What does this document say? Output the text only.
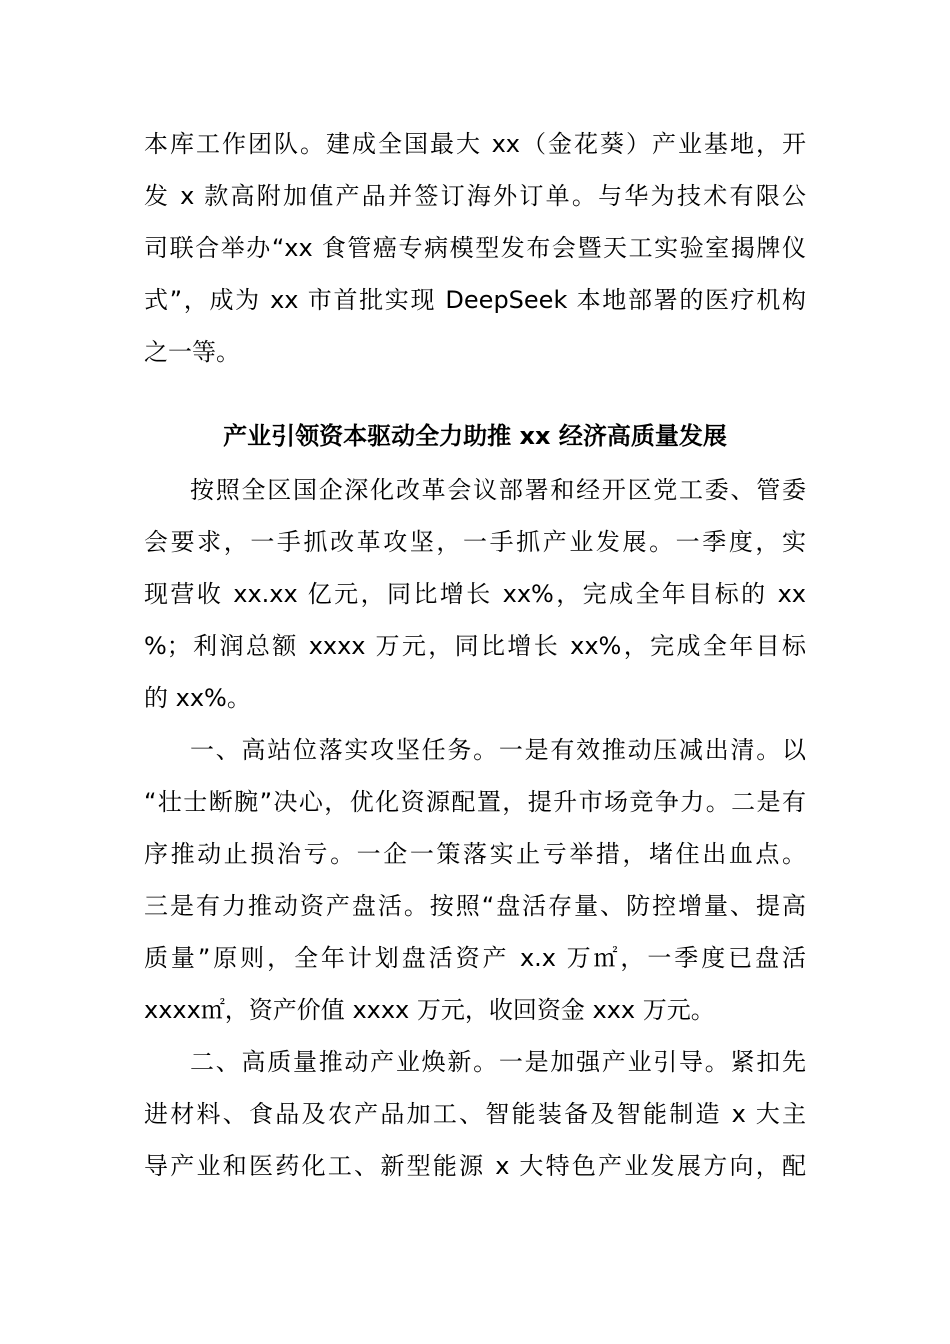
本库工作团队。建成全国最大 xx（金花葵）产业基地，开
发 x 款高附加值产品并签订海外订单。与华为技术有限公
司联合举办“xx 食管癌专病模型发布会暨天工实验室揭牌仪
式”，成为 xx 市首批实现 DeepSeek 本地部署的医疗机构
之一等。
产业引领资本驱动全力助推 xx 经济高质量发展
按照全区国企深化改革会议部署和经开区党工委、管委
会要求，一手抓改革攻坚，一手抓产业发展。一季度，实
现营收 xx.xx 亿元，同比增长 xx%，完成全年目标的 xx
%；利润总额 xxxx 万元，同比增长 xx%，完成全年目标
的 xx%。
一、高站位落实攻坚任务。一是有效推动压减出清。以
“壮士断腕”决心，优化资源配置，提升市场竞争力。二是有
序推动止损治亏。一企一策落实止亏举措，堵住出血点。
三是有力推动资产盘活。按照“盘活存量、防控增量、提高
质量”原则，全年计划盘活资产 x.x 万㎡，一季度已盘活
xxxx㎡，资产价值 xxxx 万元，收回资金 xxx 万元。
二、高质量推动产业焕新。一是加强产业引导。紧扣先
进材料、食品及农产品加工、智能装备及智能制造 x 大主
导产业和医药化工、新型能源 x 大特色产业发展方向，配
